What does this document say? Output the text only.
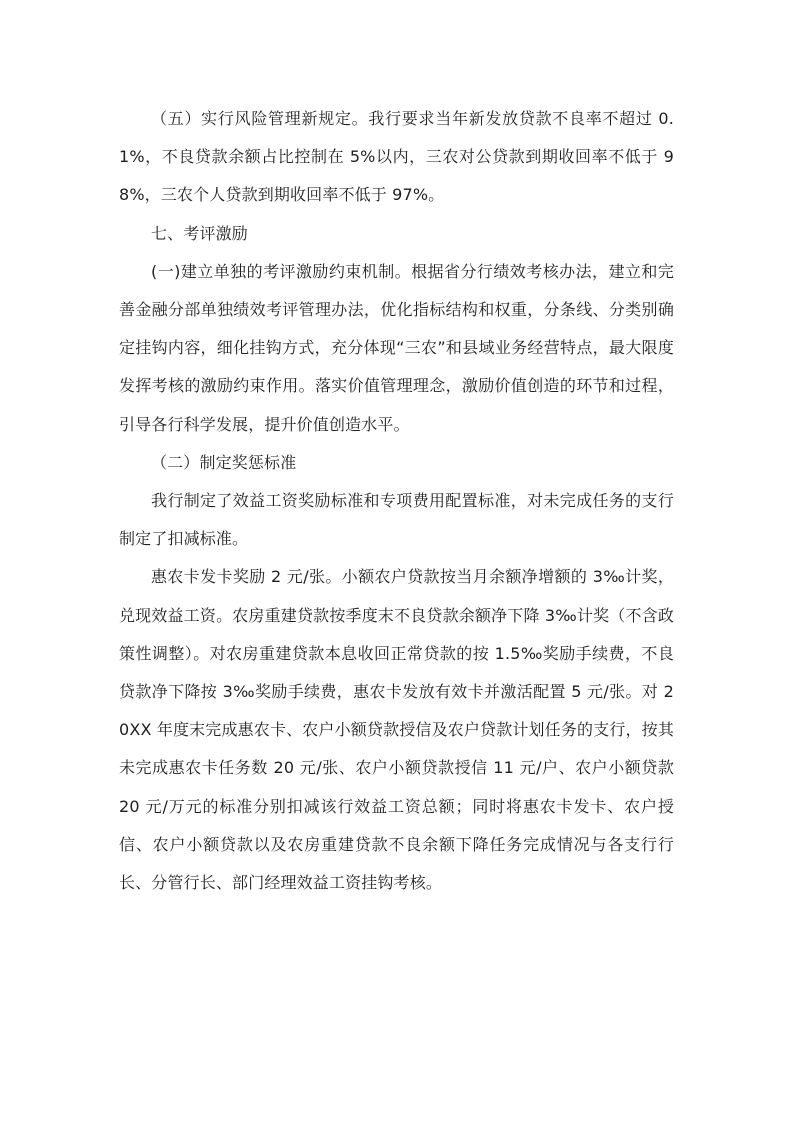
（五）实行风险管理新规定。我行要求当年新发放贷款不良率不超过 0.1%，不良贷款余额占比控制在 5%以内，三农对公贷款到期收回率不低于 98%，三农个人贷款到期收回率不低于 97%。

七、考评激励

(一)建立单独的考评激励约束机制。根据省分行绩效考核办法，建立和完善金融分部单独绩效考评管理办法，优化指标结构和权重，分条线、分类别确定挂钩内容，细化挂钩方式，充分体现“三农”和县域业务经营特点，最大限度发挥考核的激励约束作用。落实价值管理理念，激励价值创造的环节和过程，引导各行科学发展，提升价值创造水平。

（二）制定奖惩标准

我行制定了效益工资奖励标准和专项费用配置标准，对未完成任务的支行制定了扣减标准。

惠农卡发卡奖励 2 元/张。小额农户贷款按当月余额净增额的 3‰计奖，兑现效益工资。农房重建贷款按季度末不良贷款余额净下降 3‰计奖（不含政策性调整）。对农房重建贷款本息收回正常贷款的按 1.5‰奖励手续费，不良贷款净下降按 3‰奖励手续费，惠农卡发放有效卡并激活配置 5 元/张。对 20XX 年度末完成惠农卡、农户小额贷款授信及农户贷款计划任务的支行，按其未完成惠农卡任务数 20 元/张、农户小额贷款授信 11 元/户、农户小额贷款 20 元/万元的标准分别扣减该行效益工资总额；同时将惠农卡发卡、农户授信、农户小额贷款以及农房重建贷款不良余额下降任务完成情况与各支行行长、分管行长、部门经理效益工资挂钩考核。
